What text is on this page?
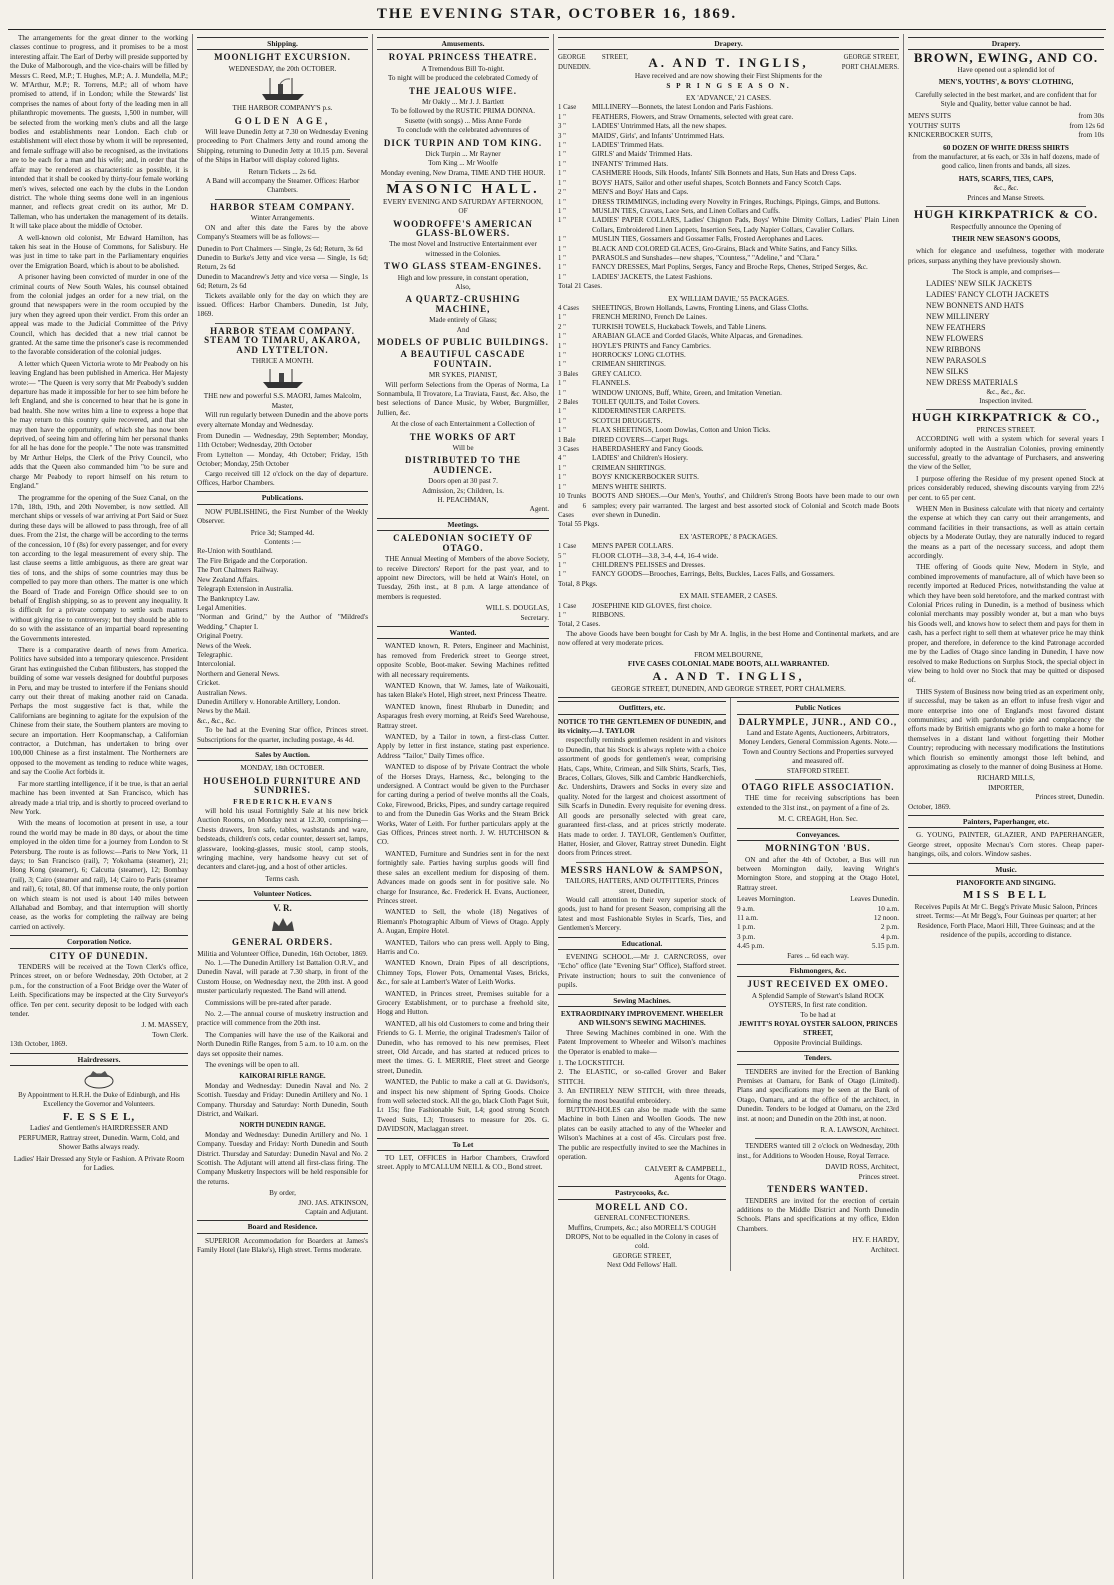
THE EVENING STAR, OCTOBER 16, 1869.

The arrangements for the great dinner to the working classes continue to progress, and it promises to be a most interesting affair. The Earl of Derby will preside supported by the Duke of Malborough, and the vice-chairs will be filled by Messrs C. Reed, M.P.; T. Hughes, M.P.; A. J. Mundella, M.P.; W. M'Arthur, M.P.; R. Torrens, M.P.; all of whom have promised to attend, if in London; while the Stewards' list comprises the names of about forty of the leading men in all philanthropic movements. The guests, 1,500 in number, will be selected from the working men's clubs and all the large bodies and establishments near London. Each club or establishment will elect those by whom it will be represented, and female suffrage will also be recognised, as the invitations are to be each for a man and his wife; and, in order that the affair may be rendered as characteristic as possible, it is intended that it shall be cooked by thirty-four female working men's wives, selected one each by the clubs in the London district. The whole thing seems done well in an ingenious manner, and reflects great credit on its author, Mr D. Talleman, who has undertaken the management of its details. It will take place about the middle of October.

A well-known old colonist, Mr Edward Hamilton, has taken his seat in the House of Commons, for Salisbury. He was just in time to take part in the Parliamentary enquiries over the Emigration Board, which is about to be abolished.

A prisoner having been convicted of murder in one of the criminal courts of New South Wales, his counsel obtained from the colonial judges an order for a new trial, on the ground that newspapers were in the room occupied by the jury when they agreed upon their verdict. From this order an appeal was made to the Judicial Committee of the Privy Council, which has decided that a new trial cannot be granted. At the same time the prisoner's case is recommended to the favorable consideration of the colonial judges.

A letter which Queen Victoria wrote to Mr Peabody on his leaving England has been published in America. Her Majesty wrote:— "The Queen is very sorry that Mr Peabody's sudden departure has made it impossible for her to see him before he left England, and she is concerned to hear that he is gone in bad health. She now writes him a line to express a hope that he may return to this country quite recovered, and that she may then have the opportunity, of which she has now been deprived, of seeing him and offering him her personal thanks for all he has done for the people." The note was transmitted by Mr Arthur Helps, the Clerk of the Privy Council, who adds that the Queen also commanded him "to be sure and charge Mr Peabody to report himself on his return to England."

The programme for the opening of the Suez Canal, on the 17th, 18th, 19th, and 20th November, is now settled. All merchant ships or vessels of war arriving at Port Said or Suez during these days will be allowed to pass through, free of all dues. From the 21st, the charge will be according to the terms of the concession, 10 f (8s) for every passenger, and for every ton according to the legal measurement of every ship. The last clause seems a little ambiguous, as there are great war ties of tons, and the ships of some countries may thus be compelled to pay more than others. The matter is one which the Board of Trade and Foreign Office should see to on behalf of English shipping, so as to prevent any inequality. It is difficult for a private company to settle such matters without giving rise to controversy; but they should be able to do so with the assistance of an impartial board representing the Governments interested.

There is a comparative dearth of news from America. Politics have subsided into a temporary quiescence. President Grant has extinguished the Cuban filibusters, has stopped the building of some war vessels designed for doubtful purposes in Peru, and may be trusted to interfere if the Fenians should carry out their threat of making another raid on Canada. Perhaps the most suggestive fact is that, while the Californians are beginning to agitate for the expulsion of the Chinese from their state, the Southern planters are moving to secure an importation. Herr Koopmanschap, a Californian contractor, a Dutchman, has undertaken to bring over 100,000 Chinese as a first instalment. The Northerners are opposed to the movement as tending to reduce white wages, and say the Coolie Act forbids it.

Far more startling intelligence, if it be true, is that an aerial machine has been invented at San Francisco, which has already made a trial trip, and is shortly to proceed overland to New York.

With the means of locomotion at present in use, a tour round the world may be made in 80 days, or about the time employed in the olden time for a journey from London to St Petersburg. The route is as follows:—Paris to New York, 11 days; to San Francisco (rail), 7; Yokohama (steamer), 21; Hong Kong (steamer), 6; Calcutta (steamer), 12; Bombay (rail), 3; Cairo (steamer and rail), 14; Cairo to Paris (steamer and rail), 6; total, 80. Of that immense route, the only portion on which steam is not used is about 140 miles between Allahabad and Bombay, and that interruption will shortly cease, as the works for completing the railway are being carried on actively.

Corporation Notice.
CITY OF DUNEDIN.

TENDERS will be received at the Town Clerk's office, Princes street, on or before Wednesday, 20th October, at 2 p.m., for the construction of a Foot Bridge over the Water of Leith. Specifications may be inspected at the City Surveyor's office. Ten per cent. security deposit to be lodged with each tender.

J. M. MASSEY,
Town Clerk.
13th October, 1869.
Hairdressers.
By Appointment to H.R.H. the Duke of Edinburgh, and His Excellency the Governor and Volunteers.
F. E S S E L,
Ladies' and Gentlemen's HAIRDRESSER AND PERFUMER, Rattray street, Dunedin. Warm, Cold, and Shower Baths always ready.
Ladies' Hair Dressed any Style or Fashion. A Private Room for Ladies.
Shipping.
MOONLIGHT EXCURSION.
WEDNESDAY, the 20th OCTOBER.
THE HARBOR COMPANY'S p.s.
GOLDEN AGE,

Will leave Dunedin Jetty at 7.30 on Wednesday Evening proceeding to Port Chalmers Jetty and round among the Shipping, returning to Dunedin Jetty at 10.15 p.m. Several of the Ships in Harbor will display colored lights.

Return Tickets ... 2s 6d.
A Band will accompany the Steamer. Offices: Harbor Chambers.
HARBOR STEAM COMPANY.
Winter Arrangements.

ON and after this date the Fares by the above Company's Steamers will be as follows:—

Dunedin to Port Chalmers — Single, 2s 6d; Return, 3s 6d
Dunedin to Burke's Jetty and vice versa — Single, 1s 6d; Return, 2s 6d
Dunedin to Macandrew's Jetty and vice versa — Single, 1s 6d; Return, 2s 6d

Tickets available only for the day on which they are issued. Offices: Harbor Chambers. Dunedin, 1st July, 1869.

HARBOR STEAM COMPANY. STEAM TO TIMARU, AKAROA, AND LYTTELTON.
THRICE A MONTH.
THE new and powerful S.S. MAORI, James Malcolm, Master,

Will run regularly between Dunedin and the above ports every alternate Monday and Wednesday.

From Dunedin — Wednesday, 29th September; Monday, 11th October; Wednesday, 20th October
From Lyttelton — Monday, 4th October; Friday, 15th October; Monday, 25th October

Cargo received till 12 o'clock on the day of departure. Offices, Harbor Chambers.

Publications.

NOW PUBLISHING, the First Number of the Weekly Observer.

Price 3d; Stamped 4d.
Contents :—
Re-Union with Southland.
The Fire Brigade and the Corporation.
The Port Chalmers Railway.
New Zealand Affairs.
Telegraph Extension in Australia.
The Bankruptcy Law.
Legal Amenities.
"Norman and Grind," by the Author of "Mildred's Wedding." Chapter I.
Original Poetry.
News of the Week.
Telegraphic.
Intercolonial.
Northern and General News.
Cricket.
Australian News.
Dunedin Artillery v. Honorable Artillery, London.
News by the Mail.
&c., &c., &c.

To be had at the Evening Star office, Princes street. Subscriptions for the quarter, including postage, 4s 4d.

Sales by Auction.
MONDAY, 18th OCTOBER.
HOUSEHOLD FURNITURE AND SUNDRIES.
F R E D E R I C K H. E V A N S

will hold his usual Fortnightly Sale at his new brick Auction Rooms, on Monday next at 12.30, comprising—Chests drawers, Iron safe, tables, washstands and ware, bedsteads, children's cots, cedar counter, dessert set, lamps, glassware, looking-glasses, music stool, camp stools, wringing machine, very handsome heavy cut set of decanters and claret-jug, and a host of other articles.

Terms cash.
Volunteer Notices.
V. R.
GENERAL ORDERS.
Militia and Volunteer Office, Dunedin, 16th October, 1869.

No. 1.—The Dunedin Artillery 1st Battalion O.R.V., and Dunedin Naval, will parade at 7.30 sharp, in front of the Custom House, on Wednesday next, the 20th inst. A good muster particularly requested. The Band will attend.

Commissions will be pre-rated after parade.

No. 2.—The annual course of musketry instruction and practice will commence from the 20th inst.

The Companies will have the use of the Kaikorai and North Dunedin Rifle Ranges, from 5 a.m. to 10 a.m. on the days set opposite their names.

The evenings will be open to all.

KAIKORAI RIFLE RANGE.

Monday and Wednesday: Dunedin Naval and No. 2 Scottish. Tuesday and Friday: Dunedin Artillery and No. 1 Company. Thursday and Saturday: North Dunedin, South District, and Waikari.

NORTH DUNEDIN RANGE.

Monday and Wednesday: Dunedin Artillery and No. 1 Company. Tuesday and Friday: North Dunedin and South District. Thursday and Saturday: Dunedin Naval and No. 2 Scottish. The Adjutant will attend all first-class firing. The Company Musketry Inspectors will be held responsible for the returns.

By order,
JNO. JAS. ATKINSON,
Captain and Adjutant.
Board and Residence.

SUPERIOR Accommodation for Boarders at James's Family Hotel (late Blake's), High street. Terms moderate.

Amusements.
ROYAL PRINCESS THEATRE.
A Tremendous Bill To-night.
To night will be produced the celebrated Comedy of
THE JEALOUS WIFE.
Mr Oakly ... Mr J. J. Bartlett
To be followed by the RUSTIC PRIMA DONNA.
Susette (with songs) ... Miss Anne Forde
To conclude with the celebrated adventures of
DICK TURPIN AND TOM KING.
Dick Turpin ... Mr Rayner
Tom King ... Mr Woolfe
Monday evening, New Drama, TIME AND THE HOUR.
MASONIC HALL.
EVERY EVENING AND SATURDAY AFTERNOON,
OF
WOODROFFE'S AMERICAN GLASS-BLOWERS.
The most Novel and Instructive Entertainment ever witnessed in the Colonies.
TWO GLASS STEAM-ENGINES.
High and low pressure, in constant operation,
Also,
A QUARTZ-CRUSHING MACHINE,
Made entirely of Glass;
And
MODELS OF PUBLIC BUILDINGS.
A BEAUTIFUL CASCADE FOUNTAIN.
MR SYKES, PIANIST,

Will perform Selections from the Operas of Norma, La Sonnambula, Il Trovatore, La Traviata, Faust, &c. Also, the best selections of Dance Music, by Weber, Burgmüller, Jullien, &c.

At the close of each Entertainment a Collection of
THE WORKS OF ART
Will be
DISTRIBUTED TO THE AUDIENCE.
Doors open at 30 past 7.
Admission, 2s; Children, 1s.
H. PEACHMAN,
Agent.
Meetings.
CALEDONIAN SOCIETY OF OTAGO.

THE Annual Meeting of Members of the above Society, to receive Directors' Report for the past year, and to appoint new Directors, will be held at Wain's Hotel, on Tuesday, 26th inst., at 8 p.m. A large attendance of members is requested.

WILL S. DOUGLAS,
Secretary.
Wanted.

WANTED known, R. Peters, Engineer and Machinist, has removed from Frederick street to George street, opposite Scoble, Boot-maker. Sewing Machines refitted with all necessary requirements.

WANTED Known, that W. James, late of Waikouaiti, has taken Blake's Hotel, High street, next Princess Theatre.

WANTED known, finest Rhubarb in Dunedin; and Asparagus fresh every morning, at Reid's Seed Warehouse, Rattray street.

WANTED, by a Tailor in town, a first-class Cutter. Apply by letter in first instance, stating past experience. Address "Tailor," Daily Times office.

WANTED to dispose of by Private Contract the whole of the Horses Drays, Harness, &c., belonging to the undersigned. A Contract would be given to the Purchaser for carting during a period of twelve months all the Coals, Coke, Firewood, Bricks, Pipes, and sundry cartage required to and from the Dunedin Gas Works and the Steam Brick Works, Water of Leith. For further particulars apply at the Gas Offices, Princes street north. J. W. HUTCHISON & CO.

WANTED, Furniture and Sundries sent in for the next fortnightly sale. Parties having surplus goods will find these sales an excellent medium for disposing of them. Advances made on goods sent in for positive sale. No charge for Insurance, &c. Frederick H. Evans, Auctioneer, Princes street.

WANTED to Sell, the whole (18) Negatives of Riemann's Photographic Album of Views of Otago. Apply A. Augan, Empire Hotel.

WANTED, Tailors who can press well. Apply to Bing, Harris and Co.

WANTED Known, Drain Pipes of all descriptions, Chimney Tops, Flower Pots, Ornamental Vases, Bricks, &c., for sale at Lambert's Water of Leith Works.

WANTED, in Princes street, Premises suitable for a Grocery Establishment, or to purchase a freehold site, Hogg and Hutton.

WANTED, all his old Customers to come and bring their Friends to G. I. Merrie, the original Tradesmen's Tailor of Dunedin, who has removed to his new premises, Fleet street, Old Arcade, and has started at reduced prices to meet the times. G. I. MERRIE, Fleet street and George street, Dunedin.

WANTED, the Public to make a call at G. Davidson's, and inspect his new shipment of Spring Goods. Choice from well selected stock. All the go, black Cloth Paget Suit, Lt 15s; fine Fashionable Suit, L4; good strong Scotch Tweed Suits, L3; Trousers to measure for 20s. G. DAVIDSON, Maclaggan street.

To Let

TO LET, OFFICES in Harbor Chambers, Crawford street. Apply to M'CALLUM NEILL & CO., Bond street.

Drapery.
GEORGE STREET, DUNEDIN.	A. AND T. INGLIS,	GEORGE STREET, PORT CHALMERS.
Have received and are now showing their First Shipments for the
S P R I N G S E A S O N.
EX 'ADVANCE,' 21 CASES.
1 Case	MILLINERY—Bonnets, the latest London and Paris Fashions.
1 "	FEATHERS, Flowers, and Straw Ornaments, selected with great care.
3 "	LADIES' Untrimmed Hats, all the new shapes.
3 "	MAIDS', Girls', and Infants' Untrimmed Hats.
1 "	LADIES' Trimmed Hats.
1 "	GIRLS' and Maids' Trimmed Hats.
1 "	INFANTS' Trimmed Hats.
1 "	CASHMERE Hoods, Silk Hoods, Infants' Silk Bonnets and Hats, Sun Hats and Dress Caps.
1 "	BOYS' HATS, Sailor and other useful shapes, Scotch Bonnets and Fancy Scotch Caps.
2 "	MEN'S and Boys' Hats and Caps.
1 "	DRESS TRIMMINGS, including every Novelty in Fringes, Ruchings, Pipings, Gimps, and Buttons.
1 "	MUSLIN TIES, Cravats, Lace Sets, and Linen Collars and Cuffs.
1 "	LADIES' PAPER COLLARS, Ladies' Chignon Pads, Boys' White Dimity Collars, Ladies' Plain Linen Collars, Embroidered Linen Lappets, Insertion Sets, Lady Napier Collars, Cavalier Collars.
1 "	MUSLIN TIES, Gossamers and Gossamer Falls, Frosted Aerophanes and Laces.
1 "	BLACK AND COLORED GLACES, Gro-Grains, Black and White Satins, and Fancy Silks.
1 "	PARASOLS and Sunshades—new shapes, "Countess," "Adeline," and "Clara."
1 "	FANCY DRESSES, Marl Poplins, Serges, Fancy and Broche Reps, Chenes, Striped Serges, &c.
1 "	LADIES' JACKETS, the Latest Fashions.
Total 21 Cases.
EX 'WILLIAM DAVIE,' 55 PACKAGES.
4 Cases	SHEETINGS, Brown Hollands, Lawns, Fronting Linens, and Glass Cloths.
1 "	FRENCH MERINO, French De Laines.
2 "	TURKISH TOWELS, Huckaback Towels, and Table Linens.
1 "	ARABIAN GLACE and Corded Glacés, White Alpacas, and Grenadines.
1 "	HOYLE'S PRINTS and Fancy Cambrics.
1 "	HORROCKS' LONG CLOTHS.
1 "	CRIMEAN SHIRTINGS.
3 Bales	GREY CALICO.
1 "	FLANNELS.
1 "	WINDOW UNIONS, Buff, White, Green, and Imitation Venetian.
2 Bales	TOILET QUILTS, and Toilet Covers.
1 "	KIDDERMINSTER CARPETS.
1 "	SCOTCH DRUGGETS.
1 "	FLAX SHEETINGS, Loom Dowlas, Cotton and Union Ticks.
1 Bale	DIRED COVERS—Carpet Rugs.
3 Cases	HABERDASHERY and Fancy Goods.
4 "	LADIES' and Children's Hosiery.
1 "	CRIMEAN SHIRTINGS.
1 "	BOYS' KNICKERBOCKER SUITS.
1 "	MEN'S WHITE SHIRTS.
10 Trunks and 6 Cases
BOOTS AND SHOES.—Our Men's, Youths', and Children's Strong Boots have been made to our own samples; every pair warranted. The largest and best assorted stock of Colonial and Scotch made Boots ever shewn in Dunedin.
Total 55 Pkgs.
EX 'ASTEROPE,' 8 PACKAGES.
1 Case	MEN'S PAPER COLLARS.
5 "	FLOOR CLOTH—3.8, 3-4, 4-4, 16-4 wide.
1 "	CHILDREN'S PELISSES and Dresses.
1 "	FANCY GOODS—Brooches, Earrings, Belts, Buckles, Laces Falls, and Gossamers.
Total, 8 Pkgs.
EX MAIL STEAMER, 2 CASES.
1 Case	JOSEPHINE KID GLOVES, first choice.
1 "	RIBBONS.
Total, 2 Cases.

The above Goods have been bought for Cash by Mr A. Inglis, in the best Home and Continental markets, and are now offered at very moderate prices.

FROM MELBOURNE,
FIVE CASES COLONIAL MADE BOOTS, ALL WARRANTED.
A. AND T. INGLIS,
GEORGE STREET, DUNEDIN, AND GEORGE STREET, PORT CHALMERS.
Outfitters, etc.
NOTICE TO THE GENTLEMEN OF DUNEDIN, and its vicinity.—J. TAYLOR

respectfully reminds gentlemen resident in and visitors to Dunedin, that his Stock is always replete with a choice assortment of goods for gentlemen's wear, comprising Hats, Caps, White, Crimean, and Silk Shirts, Scarfs, Ties, Braces, Collars, Gloves, Silk and Cambric Handkerchiefs, &c. Undershirts, Drawers and Socks in every size and quality. Noted for the largest and choicest assortment of Silk Scarfs in Dunedin. Every requisite for evening dress. All goods are personally selected with great care, guaranteed first-class, and at prices strictly moderate. Hats made to order. J. TAYLOR, Gentlemen's Outfitter, Hatter, Hosier, and Glover, Rattray street Dunedin. Eight doors from Princes street.

MESSRS HANLOW & SAMPSON,
TAILORS, HATTERS, AND OUTFITTERS, Princes street, Dunedin,

Would call attention to their very superior stock of goods, just to hand for present Season, comprising all the latest and most Fashionable Styles in Scarfs, Ties, and Gentlemen's Mercery.

Educational.

EVENING SCHOOL.—Mr J. CARNCROSS, over "Echo" office (late "Evening Star" Office), Stafford street. Private instruction; hours to suit the convenience of pupils.

Sewing Machines.
EXTRAORDINARY IMPROVEMENT. WHEELER AND WILSON'S SEWING MACHINES.

Three Sewing Machines combined in one. With the Patent Improvement to Wheeler and Wilson's machines the Operator is enabled to make—

1. The LOCKSTITCH.
2. The ELASTIC, or so-called Grover and Baker STITCH.
3. An ENTIRELY NEW STITCH, with three threads, forming the most beautiful embroidery.

BUTTON-HOLES can also be made with the same Machine in both Linen and Woollen Goods. The new plates can be easily attached to any of the Wheeler and Wilson's Machines at a cost of 45s. Circulars post free. The public are respectfully invited to see the Machines in operation.

CALVERT & CAMPBELL,
Agents for Otago.
Pastrycooks, &c.
MORELL AND CO.
GENERAL CONFECTIONERS.
Muffins, Crumpets, &c.; also MORELL'S COUGH DROPS, Not to be equalled in the Colony in cases of cold.
GEORGE STREET,
Next Odd Fellows' Hall.
Public Notices
DALRYMPLE, JUNR., AND CO.,
Land and Estate Agents, Auctioneers, Arbitrators, Money Lenders, General Commission Agents. Note.—Town and Country Sections and Properties surveyed and measured off.
STAFFORD STREET.
OTAGO RIFLE ASSOCIATION.

THE time for receiving subscriptions has been extended to the 31st inst., on payment of a fine of 2s.

M. C. CREAGH, Hon. Sec.
Conveyances.
MORNINGTON 'BUS.

ON and after the 4th of October, a Bus will run between Mornington daily, leaving Wright's Mornington Store, and stopping at the Otago Hotel, Rattray street.

Leaves Mornington.	Leaves Dunedin.
9 a.m.	10 a.m.
11 a.m.	12 noon.
1 p.m.	2 p.m.
3 p.m.	4 p.m.
4.45 p.m.	5.15 p.m.
Fares ... 6d each way.
Fishmongers, &c.
JUST RECEIVED EX OMEO.
A Splendid Sample of Stewart's Island ROCK OYSTERS, In first rate condition.
To be had at
JEWITT'S ROYAL OYSTER SALOON, PRINCES STREET,
Opposite Provincial Buildings.
Tenders.

TENDERS are invited for the Erection of Banking Premises at Oamaru, for Bank of Otago (Limited). Plans and specifications may be seen at the Bank of Otago, Oamaru, and at the office of the architect, in Dunedin. Tenders to be lodged at Oamaru, on the 23rd inst. at noon; and Dunedin on the 20th inst, at noon.

R. A. LAWSON, Architect.

TENDERS wanted till 2 o'clock on Wednesday, 20th inst., for Additions to Wooden House, Royal Terrace.

DAVID ROSS, Architect,
Princes street.
TENDERS WANTED.

TENDERS are invited for the erection of certain additions to the Middle District and North Dunedin Schools. Plans and specifications at my office, Eldon Chambers.

HY. F. HARDY,
Architect.
Drapery.
BROWN, EWING, AND CO.
Have opened out a splendid lot of
MEN'S, YOUTHS', & BOYS' CLOTHING,
Carefully selected in the best market, and are confident that for Style and Quality, better value cannot be had.
MEN'S SUITS	from 30s
YOUTHS' SUITS	from 12s 6d
KNICKERBOCKER SUITS,	from 10s
60 DOZEN OF WHITE DRESS SHIRTS
from the manufacturer, at 6s each, or 33s in half dozens, made of good calico, linen fronts and bands, all sizes.
HATS, SCARFS, TIES, CAPS,
&c., &c.
Princes and Manse Streets.
HUGH KIRKPATRICK & CO.
Respectfully announce the Opening of
THEIR NEW SEASON'S GOODS,

which for elegance and usefulness, together with moderate prices, surpass anything they have previously shown.

The Stock is ample, and comprises—
LADIES' NEW SILK JACKETS
LADIES' FANCY CLOTH JACKETS
NEW BONNETS AND HATS
NEW MILLINERY
NEW FEATHERS
NEW FLOWERS
NEW RIBBONS
NEW PARASOLS
NEW SILKS
NEW DRESS MATERIALS
&c., &c., &c.
Inspection invited.
HUGH KIRKPATRICK & CO.,
PRINCES STREET.

ACCORDING well with a system which for several years I uniformly adopted in the Australian Colonies, proving eminently successful, greatly to the advantage of Purchasers, and answering the view of the Seller,

I purpose offering the Residue of my present opened Stock at prices considerably reduced, shewing discounts varying from 22½ per cent. to 65 per cent.

WHEN Men in Business calculate with that nicety and certainty the expense at which they can carry out their arrangements, and command facilities in their transactions, as well as attain certain objects by a Moderate Outlay, they are naturally induced to regard the means as a part of the necessary success, and adopt them accordingly.

THE offering of Goods quite New, Modern in Style, and combined improvements of manufacture, all of which have been so recently imported at Reduced Prices, notwithstanding the value at which they have been sold heretofore, and the marked contrast with Colonial Prices ruling in Dunedin, is a method of business which colonial merchants may possibly wonder at, but a man who buys his Goods well, and knows how to select them and pays for them in cash, has a perfect right to sell them at whatever price he may think proper, and therefore, in deference to the kind Patronage accorded me by the Ladies of Otago since landing in Dunedin, I have now resolved to make Reductions on Surplus Stock, the special object in view being to hold over no Stock that may be quitted or disposed of.

THIS System of Business now being tried as an experiment only, if successful, may be taken as an effort to infuse fresh vigor and more enterprise into one of England's most favored distant communities; and with pardonable pride and complacency the efforts made by British emigrants who go forth to make a home for themselves in a distant land without forgetting their Mother Country; reproducing with necessary modifications the Institutions which flourish so eminently amongst those left behind, and approximating as closely to the manner of doing Business at Home.

RICHARD MILLS,
IMPORTER,
Princes street, Dunedin.
October, 1869.
Painters, Paperhanger, etc.

G. YOUNG, PAINTER, GLAZIER, AND PAPERHANGER, George street, opposite Mecnau's Corn stores. Cheap paper-hangings, oils, and colors. Window sashes.

Music.
PIANOFORTE AND SINGING.
MISS BELL
Receives Pupils At Mr C. Begg's Private Music Saloon, Princes street. Terms:—At Mr Begg's, Four Guineas per quarter; at her Residence, Forth Place, Maori Hill, Three Guineas; and at the residence of the pupils, according to distance.
